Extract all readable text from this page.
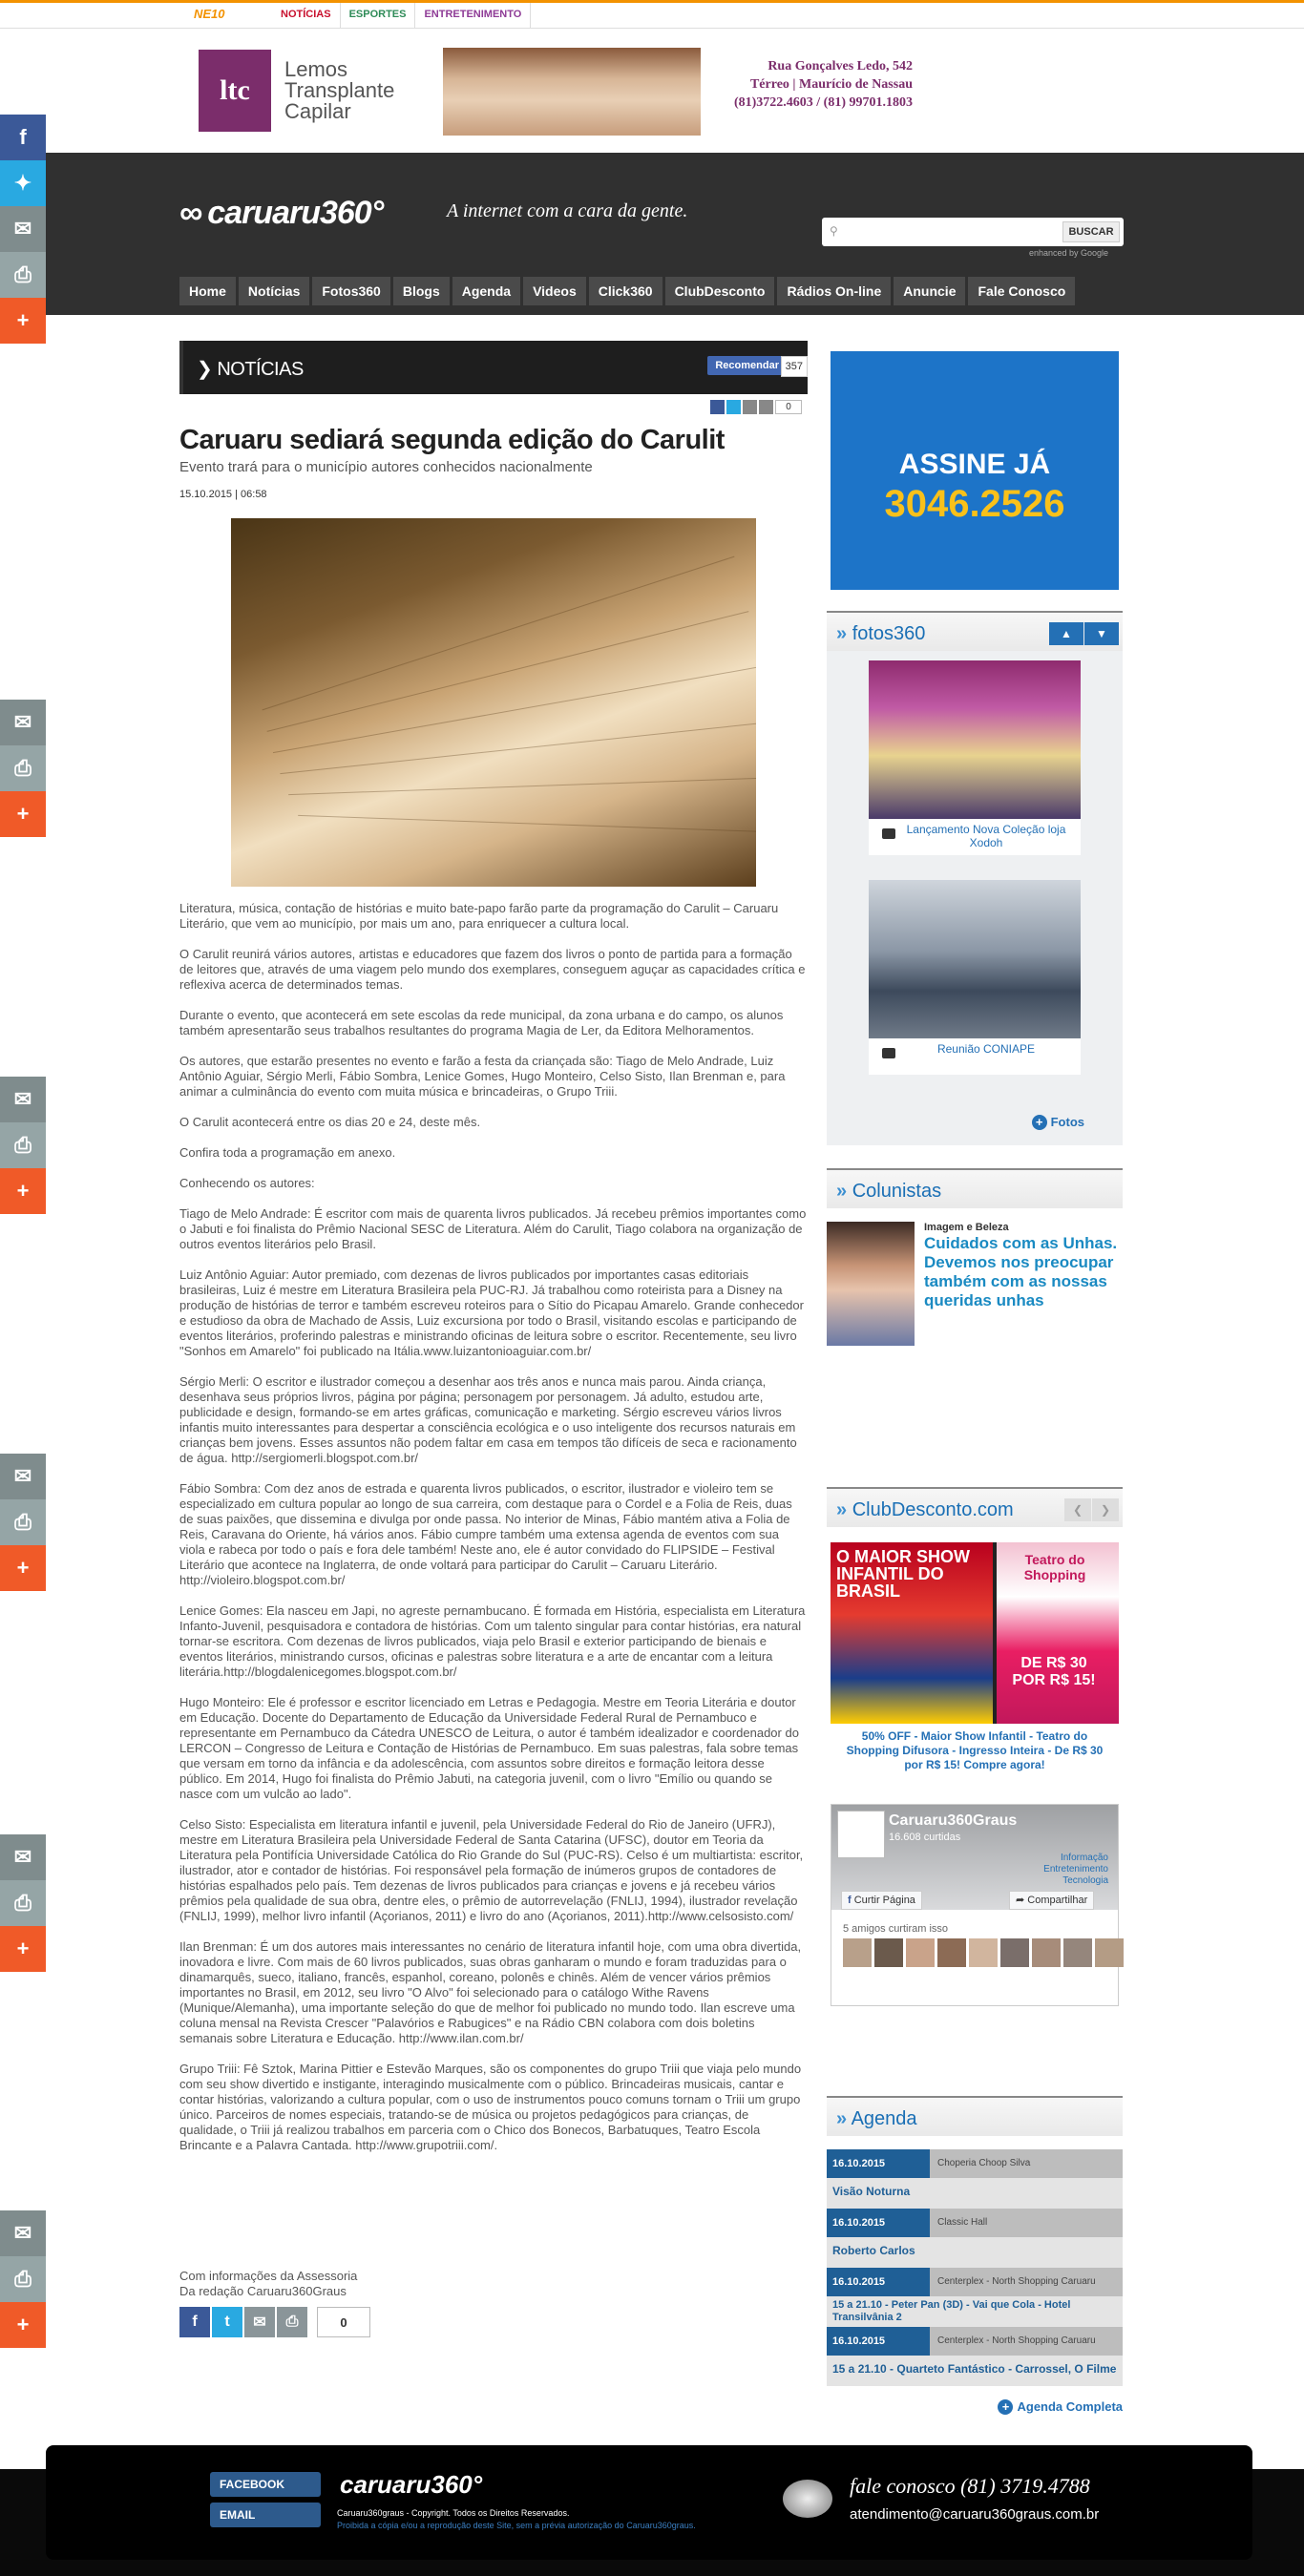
NE10	NOTÍCIAS	ESPORTES	ENTRETENIMENTO
ltc
Lemos Transplante Capilar
Rua Gonçalves Ledo, 542
Térreo | Maurício de Nassau
(81)3722.4603 / (81) 99701.1803
∞ caruaru360°	A internet com a cara da gente.
⚲	BUSCAR
enhanced by Google
Home	Notícias	Fotos360	Blogs	Agenda	Videos	Click360	ClubDesconto	Rádios On-line	Anuncie	Fale Conosco
f
✦
✉
⎙
+
✉
⎙
+
✉
⎙
+
✉
⎙
+
✉
⎙
+
✉
⎙
+
❯ NOTÍCIAS	Recomendar 357
0
Caruaru sediará segunda edição do Carulit
Evento trará para o município autores conhecidos nacionalmente
15.10.2015 | 06:58

Literatura, música, contação de histórias e muito bate-papo farão parte da programação do Carulit – Caruaru Literário, que vem ao município, por mais um ano, para enriquecer a cultura local.

O Carulit reunirá vários autores, artistas e educadores que fazem dos livros o ponto de partida para a formação de leitores que, através de uma viagem pelo mundo dos exemplares, conseguem aguçar as capacidades crítica e reflexiva acerca de determinados temas.

Durante o evento, que acontecerá em sete escolas da rede municipal, da zona urbana e do campo, os alunos também apresentarão seus trabalhos resultantes do programa Magia de Ler, da Editora Melhoramentos.

Os autores, que estarão presentes no evento e farão a festa da criançada são: Tiago de Melo Andrade, Luiz Antônio Aguiar, Sérgio Merli, Fábio Sombra, Lenice Gomes, Hugo Monteiro, Celso Sisto, Ilan Brenman e, para animar a culminância do evento com muita música e brincadeiras, o Grupo Triii.

O Carulit acontecerá entre os dias 20 e 24, deste mês.

Confira toda a programação em anexo.

Conhecendo os autores:

Tiago de Melo Andrade: É escritor com mais de quarenta livros publicados. Já recebeu prêmios importantes como o Jabuti e foi finalista do Prêmio Nacional SESC de Literatura. Além do Carulit, Tiago colabora na organização de outros eventos literários pelo Brasil.

Luiz Antônio Aguiar: Autor premiado, com dezenas de livros publicados por importantes casas editoriais brasileiras, Luiz é mestre em Literatura Brasileira pela PUC-RJ. Já trabalhou como roteirista para a Disney na produção de histórias de terror e também escreveu roteiros para o Sítio do Picapau Amarelo. Grande conhecedor e estudioso da obra de Machado de Assis, Luiz excursiona por todo o Brasil, visitando escolas e participando de eventos literários, proferindo palestras e ministrando oficinas de leitura sobre o escritor. Recentemente, seu livro "Sonhos em Amarelo" foi publicado na Itália.www.luizantonioaguiar.com.br/

Sérgio Merli: O escritor e ilustrador começou a desenhar aos três anos e nunca mais parou. Ainda criança, desenhava seus próprios livros, página por página; personagem por personagem. Já adulto, estudou arte, publicidade e design, formando-se em artes gráficas, comunicação e marketing. Sérgio escreveu vários livros infantis muito interessantes para despertar a consciência ecológica e o uso inteligente dos recursos naturais em crianças bem jovens. Esses assuntos não podem faltar em casa em tempos tão difíceis de seca e racionamento de água. http://sergiomerli.blogspot.com.br/

Fábio Sombra: Com dez anos de estrada e quarenta livros publicados, o escritor, ilustrador e violeiro tem se especializado em cultura popular ao longo de sua carreira, com destaque para o Cordel e a Folia de Reis, duas de suas paixões, que dissemina e divulga por onde passa. No interior de Minas, Fábio mantém ativa a Folia de Reis, Caravana do Oriente, há vários anos. Fábio cumpre também uma extensa agenda de eventos com sua viola e rabeca por todo o país e fora dele também! Neste ano, ele é autor convidado do FLIPSIDE – Festival Literário que acontece na Inglaterra, de onde voltará para participar do Carulit – Caruaru Literário. http://violeiro.blogspot.com.br/

Lenice Gomes: Ela nasceu em Japi, no agreste pernambucano. É formada em História, especialista em Literatura Infanto-Juvenil, pesquisadora e contadora de histórias. Com um talento singular para contar histórias, era natural tornar-se escritora. Com dezenas de livros publicados, viaja pelo Brasil e exterior participando de bienais e eventos literários, ministrando cursos, oficinas e palestras sobre literatura e a arte de encantar com a leitura literária.http://blogdalenicegomes.blogspot.com.br/

Hugo Monteiro: Ele é professor e escritor licenciado em Letras e Pedagogia. Mestre em Teoria Literária e doutor em Educação. Docente do Departamento de Educação da Universidade Federal Rural de Pernambuco e representante em Pernambuco da Cátedra UNESCO de Leitura, o autor é também idealizador e coordenador do LERCON – Congresso de Leitura e Contação de Histórias de Pernambuco. Em suas palestras, fala sobre temas que versam em torno da infância e da adolescência, com assuntos sobre direitos e formação leitora desse público. Em 2014, Hugo foi finalista do Prêmio Jabuti, na categoria juvenil, com o livro "Emílio ou quando se nasce com um vulcão ao lado".

Celso Sisto: Especialista em literatura infantil e juvenil, pela Universidade Federal do Rio de Janeiro (UFRJ), mestre em Literatura Brasileira pela Universidade Federal de Santa Catarina (UFSC), doutor em Teoria da Literatura pela Pontifícia Universidade Católica do Rio Grande do Sul (PUC-RS). Celso é um multiartista: escritor, ilustrador, ator e contador de histórias. Foi responsável pela formação de inúmeros grupos de contadores de histórias espalhados pelo país. Tem dezenas de livros publicados para crianças e jovens e já recebeu vários prêmios pela qualidade de sua obra, dentre eles, o prêmio de autorrevelação (FNLIJ, 1994), ilustrador revelação (FNLIJ, 1999), melhor livro infantil (Açorianos, 2011) e livro do ano (Açorianos, 2011).http://www.celsosisto.com/

Ilan Brenman: É um dos autores mais interessantes no cenário de literatura infantil hoje, com uma obra divertida, inovadora e livre. Com mais de 60 livros publicados, suas obras ganharam o mundo e foram traduzidas para o dinamarquês, sueco, italiano, francês, espanhol, coreano, polonês e chinês. Além de vencer vários prêmios importantes no Brasil, em 2012, seu livro "O Alvo" foi selecionado para o catálogo Withe Ravens (Munique/Alemanha), uma importante seleção do que de melhor foi publicado no mundo todo. Ilan escreve uma coluna mensal na Revista Crescer "Palavórios e Rabugices" e na Rádio CBN colabora com dois boletins semanais sobre Literatura e Educação. http://www.ilan.com.br/

Grupo Triii: Fê Sztok, Marina Pittier e Estevão Marques, são os componentes do grupo Triii que viaja pelo mundo com seu show divertido e instigante, interagindo musicalmente com o público. Brincadeiras musicais, cantar e contar histórias, valorizando a cultura popular, com o uso de instrumentos pouco comuns tornam o Triii um grupo único. Parceiros de nomes especiais, tratando-se de música ou projetos pedagógicos para crianças, de qualidade, o Triii já realizou trabalhos em parceria com o Chico dos Bonecos, Barbatuques, Teatro Escola Brincante e a Palavra Cantada. http://www.grupotriii.com/.

Com informações da Assessoria
Da redação Caruaru360Graus
f	t	✉	⎙	0
ASSINE JÁ
3046.2526
» fotos360	▲	▼
Lançamento Nova Coleção loja Xodoh
Reunião CONIAPE
+ Fotos
» Colunistas
Imagem e Beleza
Cuidados com as Unhas. Devemos nos preocupar também com as nossas queridas unhas
» ClubDesconto.com	❮	❯
O MAIOR SHOW INFANTIL DO BRASIL
Teatro do Shopping
DE R$ 30 POR R$ 15!
50% OFF - Maior Show Infantil - Teatro do Shopping Difusora - Ingresso Inteira - De R$ 30 por R$ 15! Compre agora!
Caruaru360Graus
16.608 curtidas
Informação
Entretenimento
Tecnologia
f Curtir Página	➦ Compartilhar
5 amigos curtiram isso
» Agenda
16.10.2015	Choperia Choop Silva
Visão Noturna
16.10.2015	Classic Hall
Roberto Carlos
16.10.2015	Centerplex - North Shopping Caruaru
15 a 21.10 - Peter Pan (3D) - Vai que Cola - Hotel Transilvânia 2
16.10.2015	Centerplex - North Shopping Caruaru
15 a 21.10 - Quarteto Fantástico - Carrossel, O Filme
+ Agenda Completa
FACEBOOK
EMAIL
caruaru360°
Caruaru360graus - Copyright. Todos os Direitos Reservados.
Proibida a cópia e/ou a reprodução deste Site, sem a prévia autorização do Caruaru360graus.
fale conosco (81) 3719.4788
atendimento@caruaru360graus.com.br
